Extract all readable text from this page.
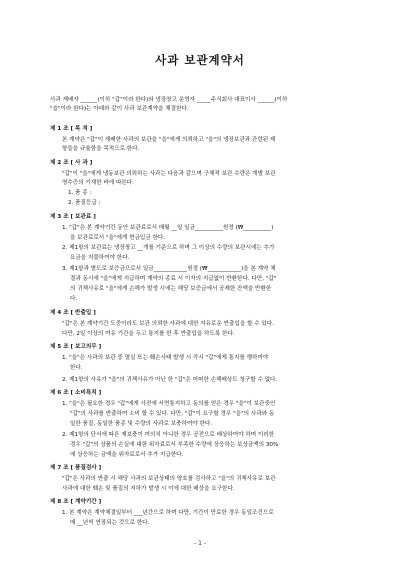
사과 보관계약서
사과 재배자 ______(이하 "갑"이라 한다)와 냉장창고 운영자 _____주식회사 대표이사 ______(이하
"을"이라 한다)는 아래와 같이 사과 보관계약을 체결한다.
제 1 조 [ 목 적 ]
본 계약은 "갑"이 재배한 사과의 보관을 "을"에게 의뢰하고 "을"의 냉장보관과 관련된 제
항들을 규율함을 목적으로 한다.
제 2 조 [ 사 과 ]
"갑"이 "을"에게 냉동보관 의뢰하는 사과는 다음과 같으며 구체적 보관 수량은 개별 보관
영수증의 기재한 바에 따른다.
1. 품 종 :
2. 품질등급 :
제 3 조 [ 보관료 ]
1. "갑"은 본 계약기간 동안 보관료로서 매월 __일 일금__________원정 (₩__________)
을 보관료로서 "을"에게 현금입금 한다.
2. 제1항의 보관료는 냉장창고 __개를 기준으로 하며 그 이상의 수량의 보관시에는 추가
요금을 지불하여야 한다.
3. 제1항과 별도로 보증금으로서 일금____________원정 (₩____________)을 본 계약 체
결과 동시에 "을"에게 지급하며 계약의 종료 시 이자의 지급없이 반환한다. 다만, "갑"
의 귀책사유로 "을"에게 손해가 발생 시에는 해당 보증금에서 공제한 잔액을 반환한
다.
제 4 조 [ 반출입 ]
"갑"은 본 계약기간 도중이라도 보관 의뢰한 사과에 대한 자유로운 반출입을 할 수 있다.
다만, 2일 이상의 여유 기간을 두고 통지를 한 후 반출입을 하도록 한다.
제 5 조 [ 보고의무 ]
1. "을"은 사과의 보관 중 멸실 또는 훼손사태 발생 시 즉시 "갑"에게 통지를 행하여야
한다.
2. 제1항의 사유가 "을"의 귀책사유가 아닌 한 "갑"은 어떠한 손해배상도 청구할 수 없다.
제 6 조 [ 소비특칙 ]
1. "을"은 필요한 경우 "갑"에게 사전에 서면통지하고 동의를 얻은 경우 "을"이 보관중인
"갑"의 사과를 반출하여 소비 할 수 있다. 다만, "갑"이 요구할 경우 "을"의 사과와 동
일한 품질, 동일한 품종 및 수량의 사과로 보충하여야 한다.
2. 제1항의 단서에 따른 재보충이 여의치 아니한 경우 공전으로 배상하여야 하며 이러한
경우 "갑"의 상품의 손실에 대한 위자료로서 부족한 수량에 상응하는 보상금액의 30%
에 상응하는 금액을 위자료로서 추가 지급한다.
제 7 조 [ 품질검사 ]
"갑"은 사과의 반출 시 해당 사과의 보관상태의 양호를 검사하고 "을"의 귀책사유로 보관
사과에 대한 훼손 및 품질의 저하가 발생 시 이에 대한 배상을 요구한다.
제 8 조 [ 계약기간 ]
1. 본 계약은 계약체결일부터 ___년간으로 하며 다만, 기간이 만료한 경우 동일조건으로
매 __년씩 연장되는 것으로 한다.
- 1 -
